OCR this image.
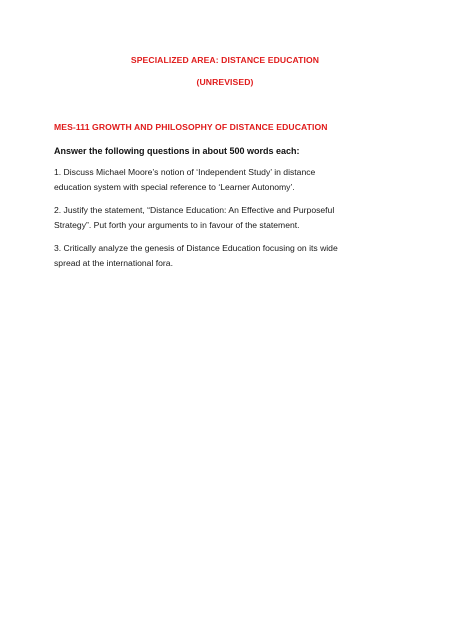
SPECIALIZED AREA: DISTANCE EDUCATION
(UNREVISED)
MES-111 GROWTH AND PHILOSOPHY OF DISTANCE EDUCATION
Answer the following questions in about 500 words each:
1. Discuss Michael Moore’s notion of ‘Independent Study’ in distance
education system with special reference to ‘Learner Autonomy’.
2. Justify the statement, “Distance Education: An Effective and Purposeful
Strategy”. Put forth your arguments to in favour of the statement.
3. Critically analyze the genesis of Distance Education focusing on its wide
spread at the international fora.
